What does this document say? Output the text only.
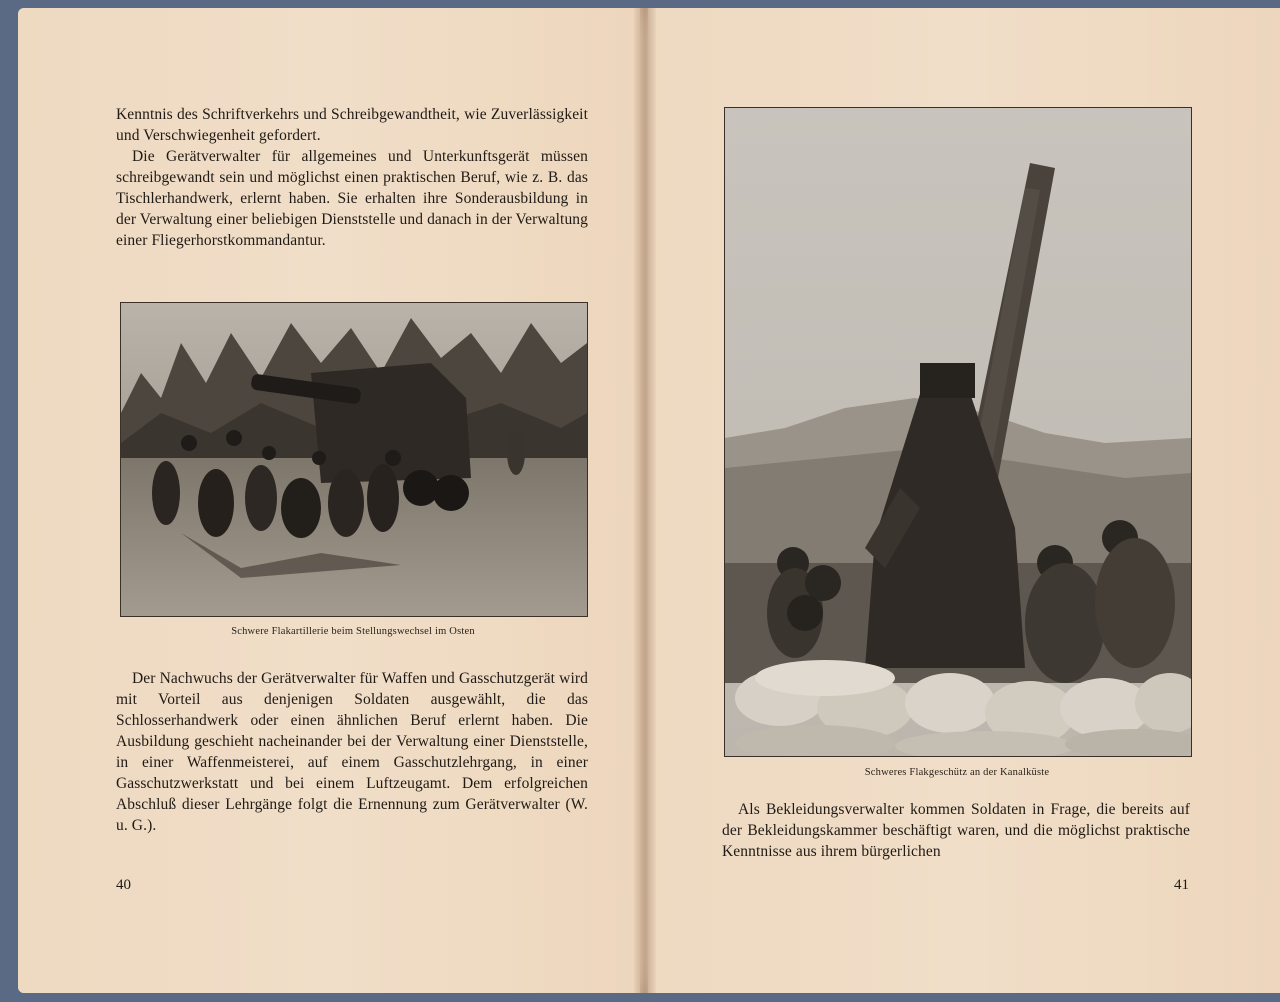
Kenntnis des Schriftverkehrs und Schreibgewandtheit, wie Zuverlässigkeit und Verschwiegenheit gefordert.

Die Gerätverwalter für allgemeines und Unterkunftsgerät müssen schreibgewandt sein und möglichst einen praktischen Beruf, wie z. B. das Tischlerhandwerk, erlernt haben. Sie erhalten ihre Sonderausbildung in der Verwaltung einer beliebigen Dienststelle und danach in der Verwaltung einer Fliegerhorstkommandantur.

Schwere Flakartillerie beim Stellungswechsel im Osten

Der Nachwuchs der Gerätverwalter für Waffen und Gasschutzgerät wird mit Vorteil aus denjenigen Soldaten ausgewählt, die das Schlosserhandwerk oder einen ähnlichen Beruf erlernt haben. Die Ausbildung geschieht nacheinander bei der Verwaltung einer Dienststelle, in einer Waffenmeisterei, auf einem Gasschutzlehrgang, in einer Gasschutzwerkstatt und bei einem Luftzeugamt. Dem erfolgreichen Abschluß dieser Lehrgänge folgt die Ernennung zum Gerätverwalter (W. u. G.).

40
Schweres Flakgeschütz an der Kanalküste

Als Bekleidungsverwalter kommen Soldaten in Frage, die bereits auf der Bekleidungskammer beschäftigt waren, und die möglichst praktische Kenntnisse aus ihrem bürgerlichen

41
